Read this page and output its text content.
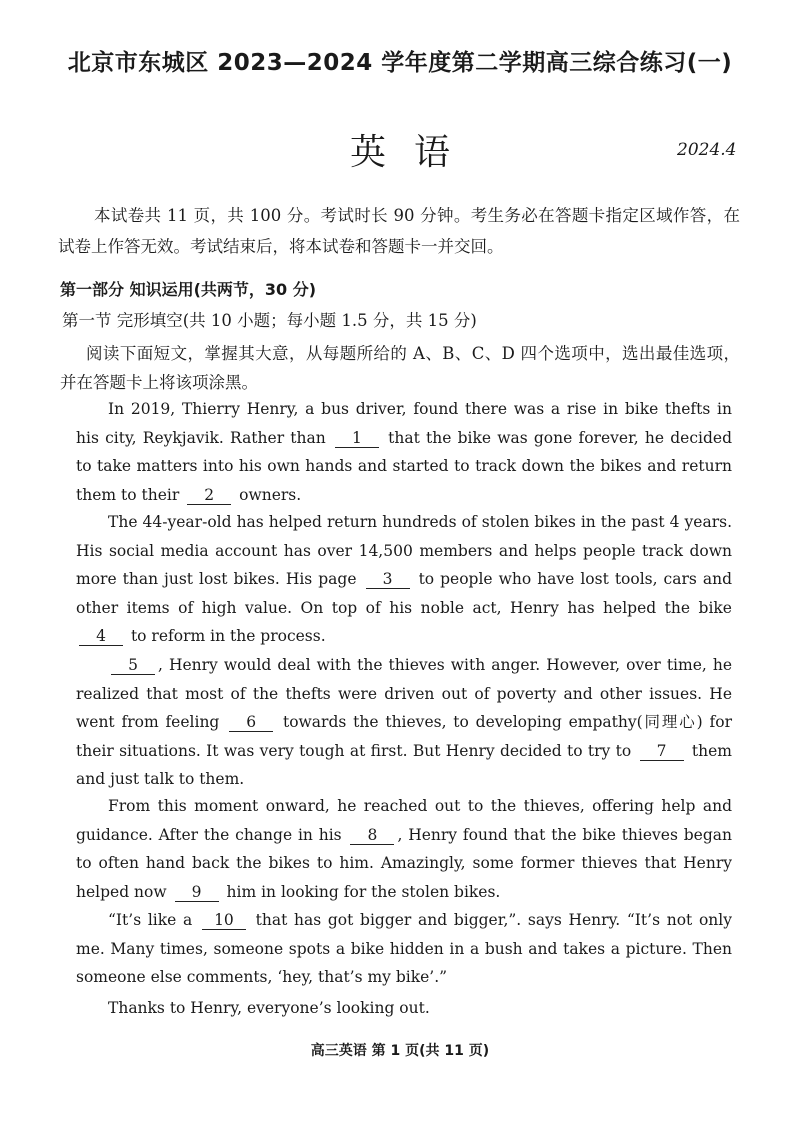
北京市东城区 2023—2024 学年度第二学期高三综合练习(一)
英语	2024.4
本试卷共 11 页，共 100 分。考试时长 90 分钟。考生务必在答题卡指定区域作答，在试卷上作答无效。考试结束后，将本试卷和答题卡一并交回。
第一部分 知识运用(共两节，30 分)
第一节 完形填空(共 10 小题；每小题 1.5 分，共 15 分)
阅读下面短文，掌握其大意，从每题所给的 A、B、C、D 四个选项中，选出最佳选项，并在答题卡上将该项涂黑。

In 2019, Thierry Henry, a bus driver, found there was a rise in bike thefts in his city, Reykjavik. Rather than 1 that the bike was gone forever, he decided to take matters into his own hands and started to track down the bikes and return them to their 2 owners.

The 44-year-old has helped return hundreds of stolen bikes in the past 4 years. His social media account has over 14,500 members and helps people track down more than just lost bikes. His page 3 to people who have lost tools, cars and other items of high value. On top of his noble act, Henry has helped the bike 4 to reform in the process.

5 , Henry would deal with the thieves with anger. However, over time, he realized that most of the thefts were driven out of poverty and other issues. He went from feeling 6 towards the thieves, to developing empathy(同理心) for their situations. It was very tough at first. But Henry decided to try to 7 them and just talk to them.

From this moment onward, he reached out to the thieves, offering help and guidance. After the change in his 8 , Henry found that the bike thieves began to often hand back the bikes to him. Amazingly, some former thieves that Henry helped now 9 him in looking for the stolen bikes.

“It’s like a 10 that has got bigger and bigger,”. says Henry. “It’s not only me. Many times, someone spots a bike hidden in a bush and takes a picture. Then someone else comments, ‘hey, that’s my bike’.”

Thanks to Henry, everyone’s looking out.

高三英语 第 1 页(共 11 页)
